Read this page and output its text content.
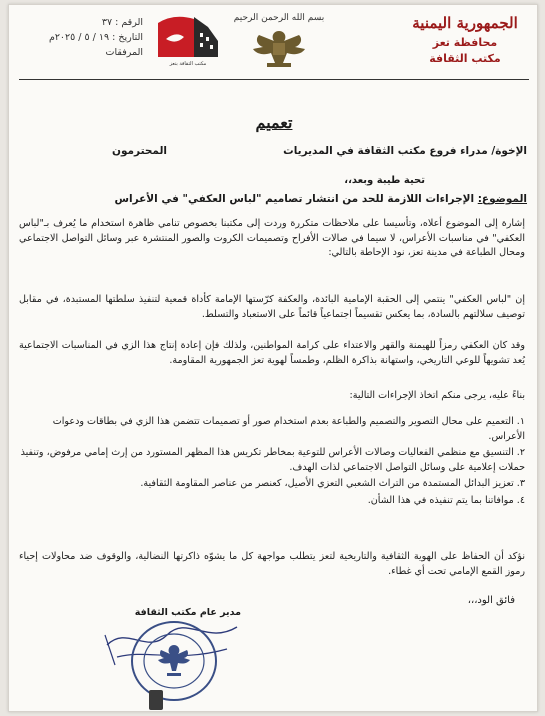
الجمهورية اليمنية
محافظة تعز
مكتب الثقافة
بسم الله الرحمن الرحيم
مكتب الثقافة بتعز
الرقم : ٣٧
التاريخ : ١٩ / ٥ / ٢٠٢٥م
المرفقات
تعميم
الإخوة/ مدراء فروع مكتب الثقافة في المديريات
المحترمون
تحية طيبة وبعد،،
الموضوع: الإجراءات اللازمة للحد من انتشار تصاميم "لباس العكفي" في الأعراس
إشارة إلى الموضوع أعلاه، وتأسيسا على ملاحظات متكررة وردت إلى مكتبنا بخصوص تنامي ظاهرة استخدام ما يُعرف بـ"لباس العكفي" في مناسبات الأعراس، لا سيما في صالات الأفراح وتصميمات الكروت والصور المنتشرة عبر وسائل التواصل الاجتماعي ومحال الطباعة في مدينة تعز، نود الإحاطة بالتالي:
إن "لباس العكفي" ينتمي إلى الحقبة الإمامية البائدة، والعكفة كرّستها الإمامة كأداة قمعية لتنفيذ سلطتها المستبدة، في مقابل توصيف سلالتهم بالسادة، بما يعكس تقسيماً اجتماعياً قائماً على الاستعباد والتسلط.
وقد كان العكفي رمزاً للهيمنة والقهر والاعتداء على كرامة المواطنين، ولذلك فإن إعادة إنتاج هذا الزي في المناسبات الاجتماعية يُعد تشويهاً للوعي التاريخي، واستهانة بذاكرة الظلم، وطمساً لهوية تعز الجمهورية المقاومة.
بناءً عليه، يرجى منكم اتخاذ الإجراءات التالية:
١. التعميم على محال التصوير والتصميم والطباعة بعدم استخدام صور أو تصميمات تتضمن هذا الزي في بطاقات ودعوات الأعراس.
٢. التنسيق مع منظمي الفعاليات وصالات الأعراس للتوعية بمخاطر تكريس هذا المظهر المستورد من إرث إمامي مرفوض، وتنفيذ حملات إعلامية على وسائل التواصل الاجتماعي لذات الهدف.
٣. تعزيز البدائل المستمدة من التراث الشعبي التعزي الأصيل، كعنصر من عناصر المقاومة الثقافية.
٤. موافاتنا بما يتم تنفيذه في هذا الشأن.
نؤكد أن الحفاظ على الهوية الثقافية والتاريخية لتعز يتطلب مواجهة كل ما يشوّه ذاكرتها النضالية، والوقوف ضد محاولات إحياء رموز القمع الإمامي تحت أي غطاء.
فائق الود،،،
مدير عام مكتب الثقافة
